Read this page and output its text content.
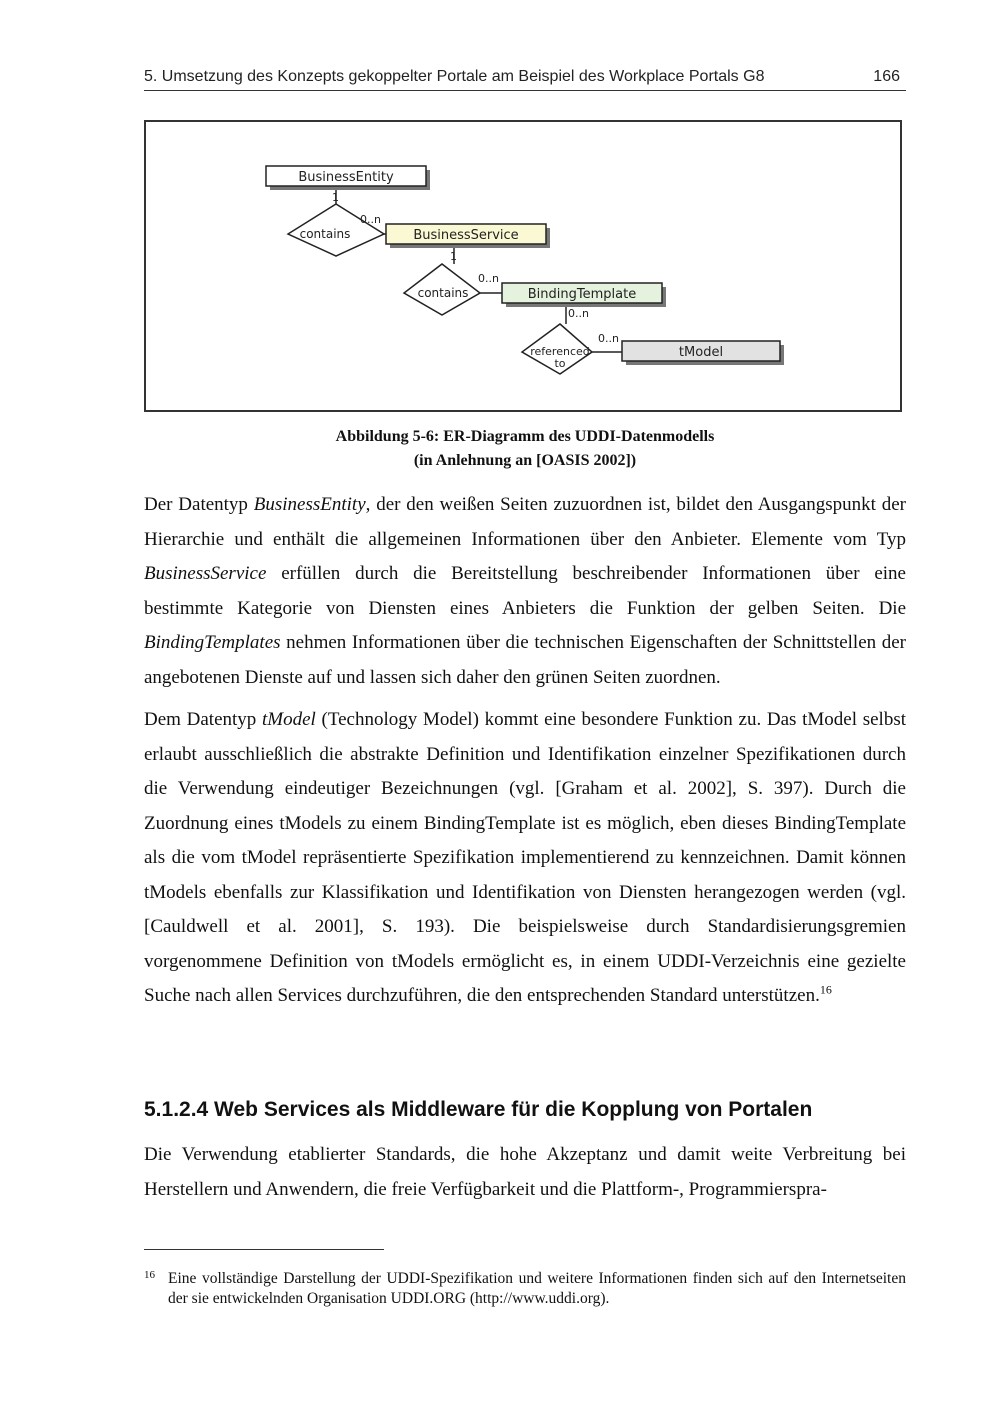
5. Umsetzung des Konzepts gekoppelter Portale am Beispiel des Workplace Portals G8	166
BusinessEntity
contains	BusinessService
contains	BindingTemplate
referenced
to
tModel
1
0..n
1
0..n
0..n
0..n
Abbildung 5-6: ER-Diagramm des UDDI-Datenmodells
(in Anlehnung an [OASIS 2002])

Der Datentyp BusinessEntity, der den weißen Seiten zuzuordnen ist, bildet den Ausgangspunkt der Hierarchie und enthält die allgemeinen Informationen über den Anbieter. Elemente vom Typ BusinessService erfüllen durch die Bereitstellung beschreibender Informationen über eine bestimmte Kategorie von Diensten eines Anbieters die Funktion der gelben Seiten. Die BindingTemplates nehmen Informationen über die technischen Eigenschaften der Schnittstellen der angebotenen Dienste auf und lassen sich daher den grünen Seiten zuordnen.

Dem Datentyp tModel (Technology Model) kommt eine besondere Funktion zu. Das tModel selbst erlaubt ausschließlich die abstrakte Definition und Identifikation einzelner Spezifikationen durch die Verwendung eindeutiger Bezeichnungen (vgl. [Graham et al. 2002], S. 397). Durch die Zuordnung eines tModels zu einem BindingTemplate ist es möglich, eben dieses BindingTemplate als die vom tModel repräsentierte Spezifikation implementierend zu kennzeichnen. Damit können tModels ebenfalls zur Klassifikation und Identifikation von Diensten herangezogen werden (vgl. [Cauldwell et al. 2001], S. 193). Die beispielsweise durch Standardisierungsgremien vorgenommene Definition von tModels ermöglicht es, in einem UDDI-Verzeichnis eine gezielte Suche nach allen Services durchzuführen, die den entsprechenden Standard unterstützen.$^{16}$

5.1.2.4 Web Services als Middleware für die Kopplung von Portalen

Die Verwendung etablierter Standards, die hohe Akzeptanz und damit weite Verbreitung bei Herstellern und Anwendern, die freie Verfügbarkeit und die Plattform-, Programmierspra-

16 Eine vollständige Darstellung der UDDI-Spezifikation und weitere Informationen finden sich auf den Internetseiten der sie entwickelnden Organisation UDDI.ORG (http://www.uddi.org).
